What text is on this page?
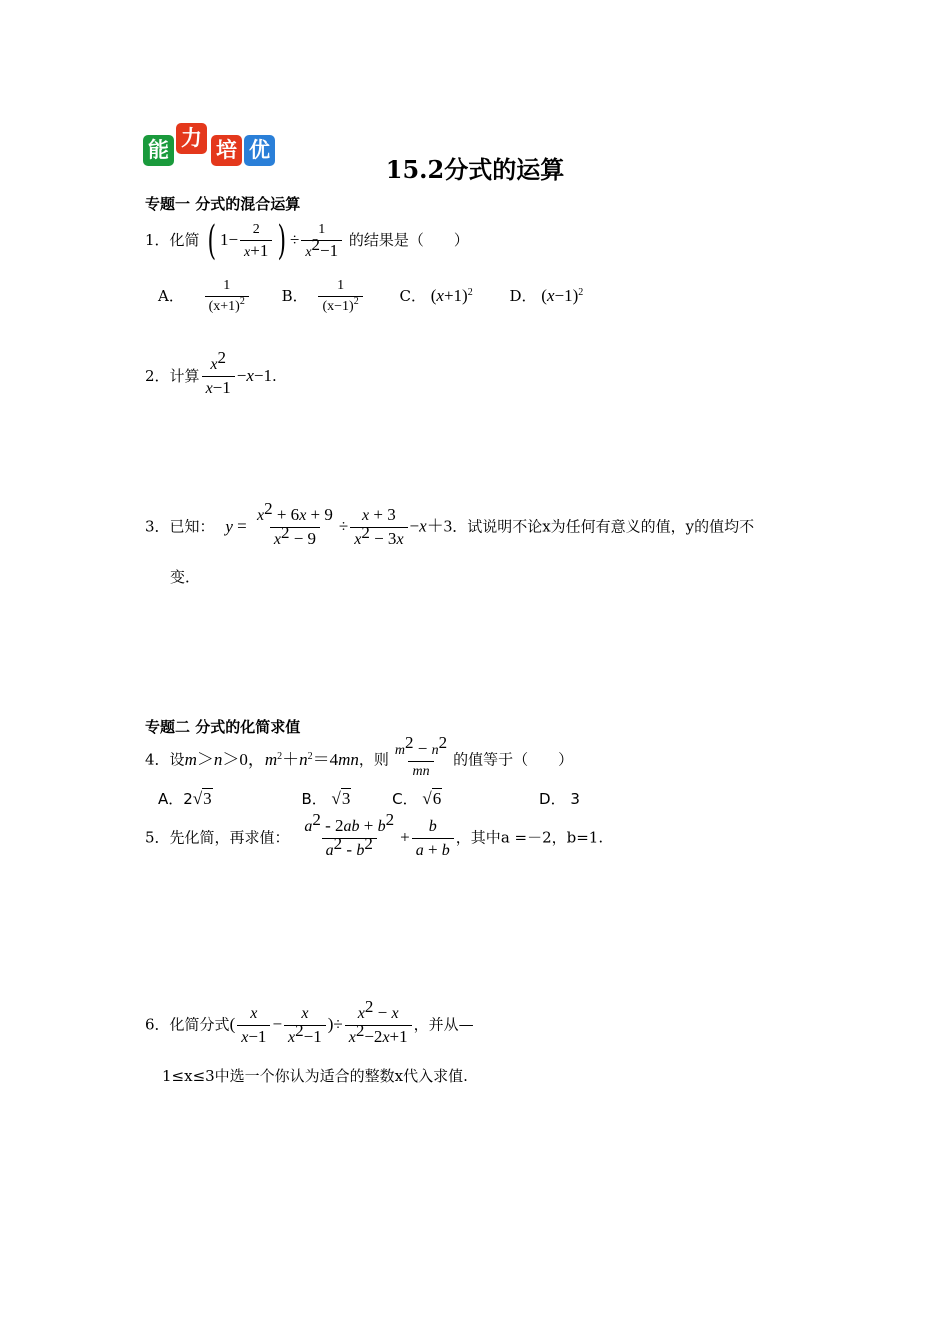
能 力 培 优
15.2分式的运算
专题一 分式的混合运算
1．化简 ( $1- \frac{2}{x+1}$ ) ÷ $\frac{1}{x^2-1}$ 的结果是（　　）
A． $\frac{1}{(x+1)^2}$ B． $\frac{1}{(x-1)^2}$ C． $(x+1)^2$ D． $(x-1)^2$
2．计算 $\frac{x^2}{x-1} -x-1$.
3．已知： $y = \frac{x^2 + 6x + 9}{x^2 - 9} \div \frac{x + 3}{x^2 - 3x} -x+3$．试说明不论x为任何有意义的值，y的值均不
变．
专题二 分式的化简求值
4．设m＞n＞0，$m^2+n^2=4mn$，则 $\frac{m^2 - n^2}{mn}$ 的值等于（　　）
A．2√3	B． √3	C． √6	D． 3
5．先化简，再求值： $\frac{a^2 - 2ab + b^2}{a^2 - b^2} + \frac{b}{a + b}$ ，其中a =－2，b=1.
6．化简分式( $\frac{x}{x-1} - \frac{x}{x^2-1}$ )÷ $\frac{x^2 - x}{x^2-2x+1}$ ，并从—
1≤x≤3中选一个你认为适合的整数x代入求值.
